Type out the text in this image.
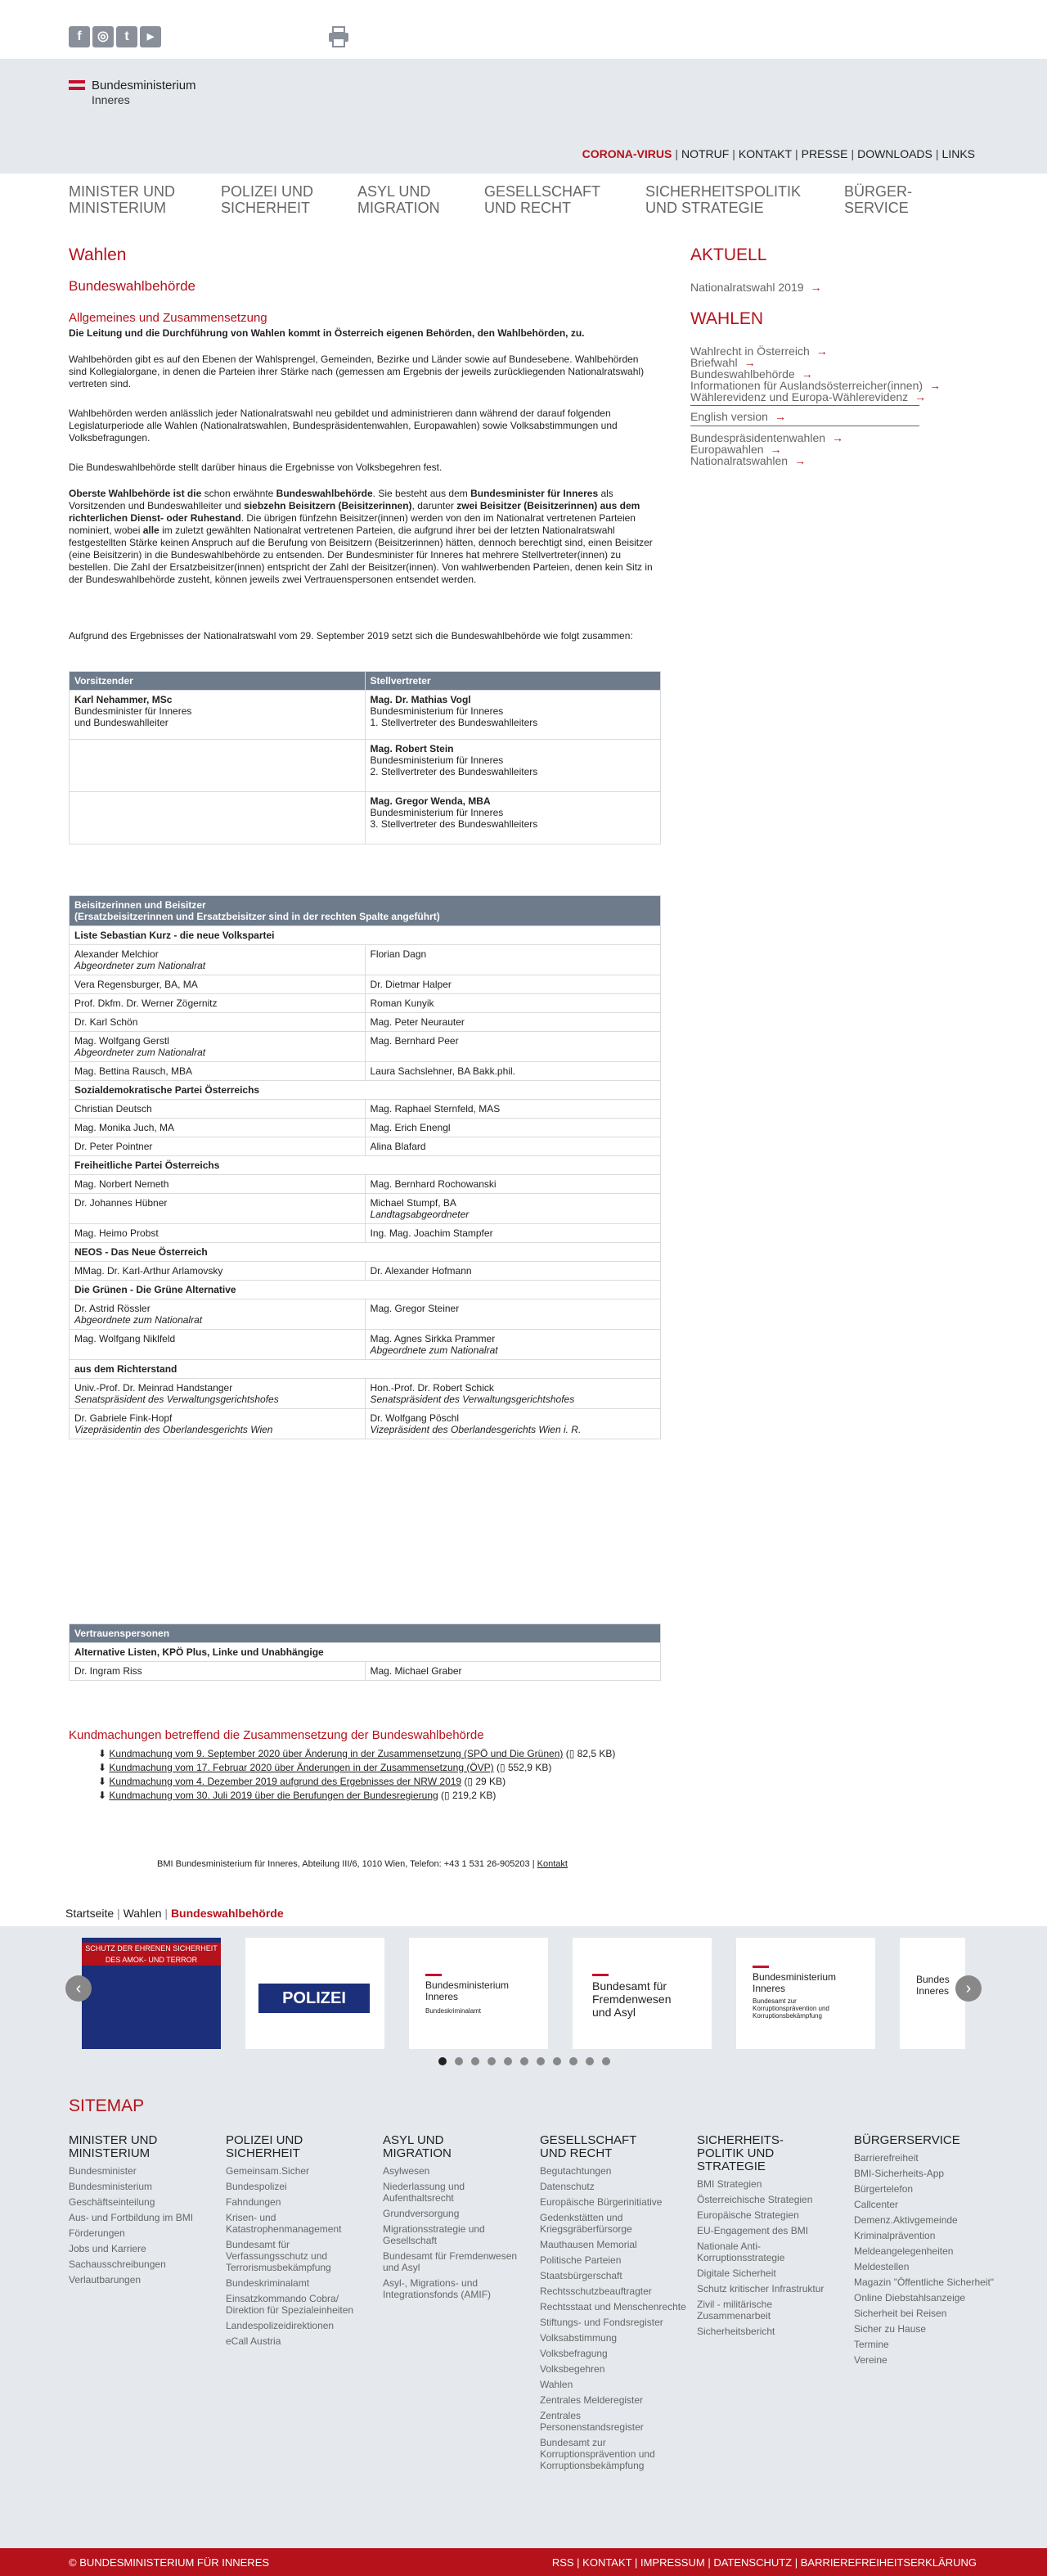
f	◎	t	▶
Bundesministerium
Inneres
CORONA-VIRUS | NOTRUF | KONTAKT | PRESSE | DOWNLOADS | LINKS
MINISTER UND
MINISTERIUM
POLIZEI UND
SICHERHEIT
ASYL UND
MIGRATION
GESELLSCHAFT
UND RECHT
SICHERHEITSPOLITIK
UND STRATEGIE
BÜRGER-
SERVICE
Wahlen
Bundeswahlbehörde
Allgemeines und Zusammensetzung
Die Leitung und die Durchführung von Wahlen kommt in Österreich eigenen Behörden, den Wahlbehörden, zu.
Wahlbehörden gibt es auf den Ebenen der Wahlsprengel, Gemeinden, Bezirke und Länder sowie auf Bundesebene. Wahlbehörden sind Kollegialorgane, in denen die Parteien ihrer Stärke nach (gemessen am Ergebnis der jeweils zurückliegenden Nationalratswahl) vertreten sind.
Wahlbehörden werden anlässlich jeder Nationalratswahl neu gebildet und administrieren dann während der darauf folgenden Legislaturperiode alle Wahlen (Nationalratswahlen, Bundespräsidentenwahlen, Europawahlen) sowie Volksabstimmungen und Volksbefragungen.
Die Bundeswahlbehörde stellt darüber hinaus die Ergebnisse von Volksbegehren fest.
Oberste Wahlbehörde ist die schon erwähnte Bundeswahlbehörde. Sie besteht aus dem Bundesminister für Inneres als Vorsitzenden und Bundeswahlleiter und siebzehn Beisitzern (Beisitzerinnen), darunter zwei Beisitzer (Beisitzerinnen) aus dem richterlichen Dienst- oder Ruhestand. Die übrigen fünfzehn Beisitzer(innen) werden von den im Nationalrat vertretenen Parteien nominiert, wobei alle im zuletzt gewählten Nationalrat vertretenen Parteien, die aufgrund ihrer bei der letzten Nationalratswahl festgestellten Stärke keinen Anspruch auf die Berufung von Beisitzern (Beisitzerinnen) hätten, dennoch berechtigt sind, einen Beisitzer (eine Beisitzerin) in die Bundeswahlbehörde zu entsenden. Der Bundesminister für Inneres hat mehrere Stellvertreter(innen) zu bestellen. Die Zahl der Ersatzbeisitzer(innen) entspricht der Zahl der Beisitzer(innen). Von wahlwerbenden Parteien, denen kein Sitz in der Bundeswahlbehörde zusteht, können jeweils zwei Vertrauenspersonen entsendet werden.
Aufgrund des Ergebnisses der Nationalratswahl vom 29. September 2019 setzt sich die Bundeswahlbehörde wie folgt zusammen:
Vorsitzender	Stellvertreter
Karl Nehammer, MSc
Bundesminister für Inneres
und Bundeswahlleiter	Mag. Dr. Mathias Vogl
Bundesministerium für Inneres
1. Stellvertreter des Bundeswahlleiters
	Mag. Robert Stein
Bundesministerium für Inneres
2. Stellvertreter des Bundeswahlleiters
	Mag. Gregor Wenda, MBA
Bundesministerium für Inneres
3. Stellvertreter des Bundeswahlleiters
Beisitzerinnen und Beisitzer
(Ersatzbeisitzerinnen und Ersatzbeisitzer sind in der rechten Spalte angeführt)	
Liste Sebastian Kurz - die neue Volkspartei	

Alexander Melchior
Abgeordneter zum Nationalrat	Florian Dagn

Vera Regensburger, BA, MA	Dr. Dietmar Halper

Prof. Dkfm. Dr. Werner Zögernitz	Roman Kunyik

Dr. Karl Schön	Mag. Peter Neurauter

Mag. Wolfgang Gerstl
Abgeordneter zum Nationalrat	Mag. Bernhard Peer

Mag. Bettina Rausch, MBA	Laura Sachslehner, BA Bakk.phil.

Sozialdemokratische Partei Österreichs	

Christian Deutsch	Mag. Raphael Sternfeld, MAS

Mag. Monika Juch, MA	Mag. Erich Enengl

Dr. Peter Pointner	Alina Blafard

Freiheitliche Partei Österreichs	

Mag. Norbert Nemeth	Mag. Bernhard Rochowanski

Dr. Johannes Hübner	Michael Stumpf, BA
Landtagsabgeordneter

Mag. Heimo Probst	Ing. Mag. Joachim Stampfer

NEOS - Das Neue Österreich	

MMag. Dr. Karl-Arthur Arlamovsky	Dr. Alexander Hofmann

Die Grünen - Die Grüne Alternative	

Dr. Astrid Rössler
Abgeordnete zum Nationalrat	Mag. Gregor Steiner

Mag. Wolfgang Niklfeld	Mag. Agnes Sirkka Prammer
Abgeordnete zum Nationalrat
aus dem Richterstand	

Univ.-Prof. Dr. Meinrad Handstanger
Senatspräsident des Verwaltungsgerichtshofes	Hon.-Prof. Dr. Robert Schick
Senatspräsident des Verwaltungsgerichtshofes

Dr. Gabriele Fink-Hopf
Vizepräsidentin des Oberlandesgerichts Wien	Dr. Wolfgang Pöschl
Vizepräsident des Oberlandesgerichts Wien i. R.
Vertrauenspersonen
Alternative Listen, KPÖ Plus, Linke und Unabhängige
Dr. Ingram Riss	Mag. Michael Graber
Kundmachungen betreffend die Zusammensetzung der Bundeswahlbehörde
⬇ Kundmachung vom 9. September 2020 über Änderung in der Zusammensetzung (SPÖ und Die Grünen) (▯ 82,5 KB)
⬇ Kundmachung vom 17. Februar 2020 über Änderungen in der Zusammensetzung (ÖVP) (▯ 552,9 KB)
⬇ Kundmachung vom 4. Dezember 2019 aufgrund des Ergebnisses der NRW 2019 (▯ 29 KB)
⬇ Kundmachung vom 30. Juli 2019 über die Berufungen der Bundesregierung (▯ 219,2 KB)
BMI Bundesministerium für Inneres, Abteilung III/6, 1010 Wien, Telefon: +43 1 531 26-905203 | Kontakt
Startseite | Wahlen | Bundeswahlbehörde
AKTUELL
Nationalratswahl 2019 →
WAHLEN
Wahlrecht in Österreich →
Briefwahl →
Bundeswahlbehörde →
Informationen für Auslandsösterreicher(innen) →
Wählerevidenz und Europa-Wählerevidenz →
English version →
Bundespräsidentenwahlen →
Europawahlen →
Nationalratswahlen →
SCHUTZ DER EHRENEN SICHERHEIT
DES AMOK- UND TERROR
POLIZEI
Bundesministerium
Inneres
Bundeskriminalamt
Bundesamt für
Fremdenwesen
und Asyl
Bundesministerium
Inneres
Bundesamt zur Korruptionsprävention und Korruptionsbekämpfung
Bundes
Inneres
‹	›
SITEMAP
MINISTER UND
MINISTERIUM
Bundesminister
Bundesministerium
Geschäftseinteilung
Aus- und Fortbildung im BMI
Förderungen
Jobs und Karriere
Sachausschreibungen
Verlautbarungen
POLIZEI UND
SICHERHEIT
Gemeinsam.Sicher
Bundespolizei
Fahndungen
Krisen- und Katastrophenmanagement
Bundesamt für Verfassungsschutz und Terrorismusbekämpfung
Bundeskriminalamt
Einsatzkommando Cobra/ Direktion für Spezialeinheiten
Landespolizeidirektionen
eCall Austria
ASYL UND
MIGRATION
Asylwesen
Niederlassung und Aufenthaltsrecht
Grundversorgung
Migrationsstrategie und Gesellschaft
Bundesamt für Fremdenwesen und Asyl
Asyl-, Migrations- und Integrationsfonds (AMIF)
GESELLSCHAFT
UND RECHT
Begutachtungen
Datenschutz
Europäische Bürgerinitiative
Gedenkstätten und Kriegsgräberfürsorge
Mauthausen Memorial
Politische Parteien
Staatsbürgerschaft
Rechtsschutzbeauftragter
Rechtsstaat und Menschenrechte
Stiftungs- und Fondsregister
Volksabstimmung
Volksbefragung
Volksbegehren
Wahlen
Zentrales Melderegister
Zentrales Personenstandsregister
Bundesamt zur Korruptionsprävention und Korruptionsbekämpfung
SICHERHEITS-
POLITIK UND STRATEGIE
BMI Strategien
Österreichische Strategien
Europäische Strategien
EU-Engagement des BMI
Nationale Anti-Korruptionsstrategie
Digitale Sicherheit
Schutz kritischer Infrastruktur
Zivil - militärische Zusammenarbeit
Sicherheitsbericht
BÜRGERSERVICE
Barrierefreiheit
BMI-Sicherheits-App
Bürgertelefon
Callcenter
Demenz.Aktivgemeinde
Kriminalprävention
Meldeangelegenheiten
Meldestellen
Magazin "Öffentliche Sicherheit"
Online Diebstahlsanzeige
Sicherheit bei Reisen
Sicher zu Hause
Termine
Vereine
© BUNDESMINISTERIUM FÜR INNERES	RSS | KONTAKT | IMPRESSUM | DATENSCHUTZ | BARRIEREFREIHEITSERKLÄRUNG
